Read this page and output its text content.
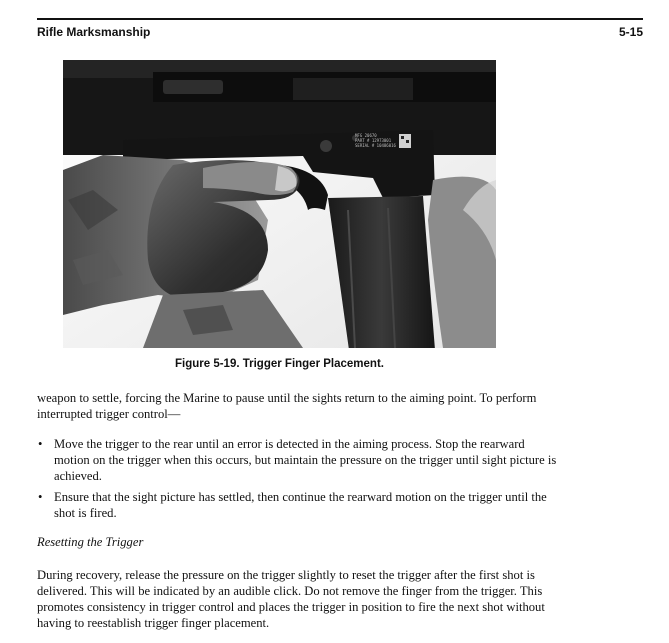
Rifle Marksmanship	5-15
MFG 20670
PART # 12973001
SERIAL # 10486016
Figure 5-19. Trigger Finger Placement.

weapon to settle, forcing the Marine to pause until the sights return to the aiming point. To perform interrupted trigger control—

• Move the trigger to the rear until an error is detected in the aiming process. Stop the rearward motion on the trigger when this occurs, but maintain the pressure on the trigger until sight picture is achieved.
• Ensure that the sight picture has settled, then continue the rearward motion on the trigger until the shot is fired.
Resetting the Trigger

During recovery, release the pressure on the trigger slightly to reset the trigger after the first shot is delivered. This will be indicated by an audible click. Do not remove the finger from the trigger. This promotes consistency in trigger control and places the trigger in position to fire the next shot without having to reestablish trigger finger placement.
